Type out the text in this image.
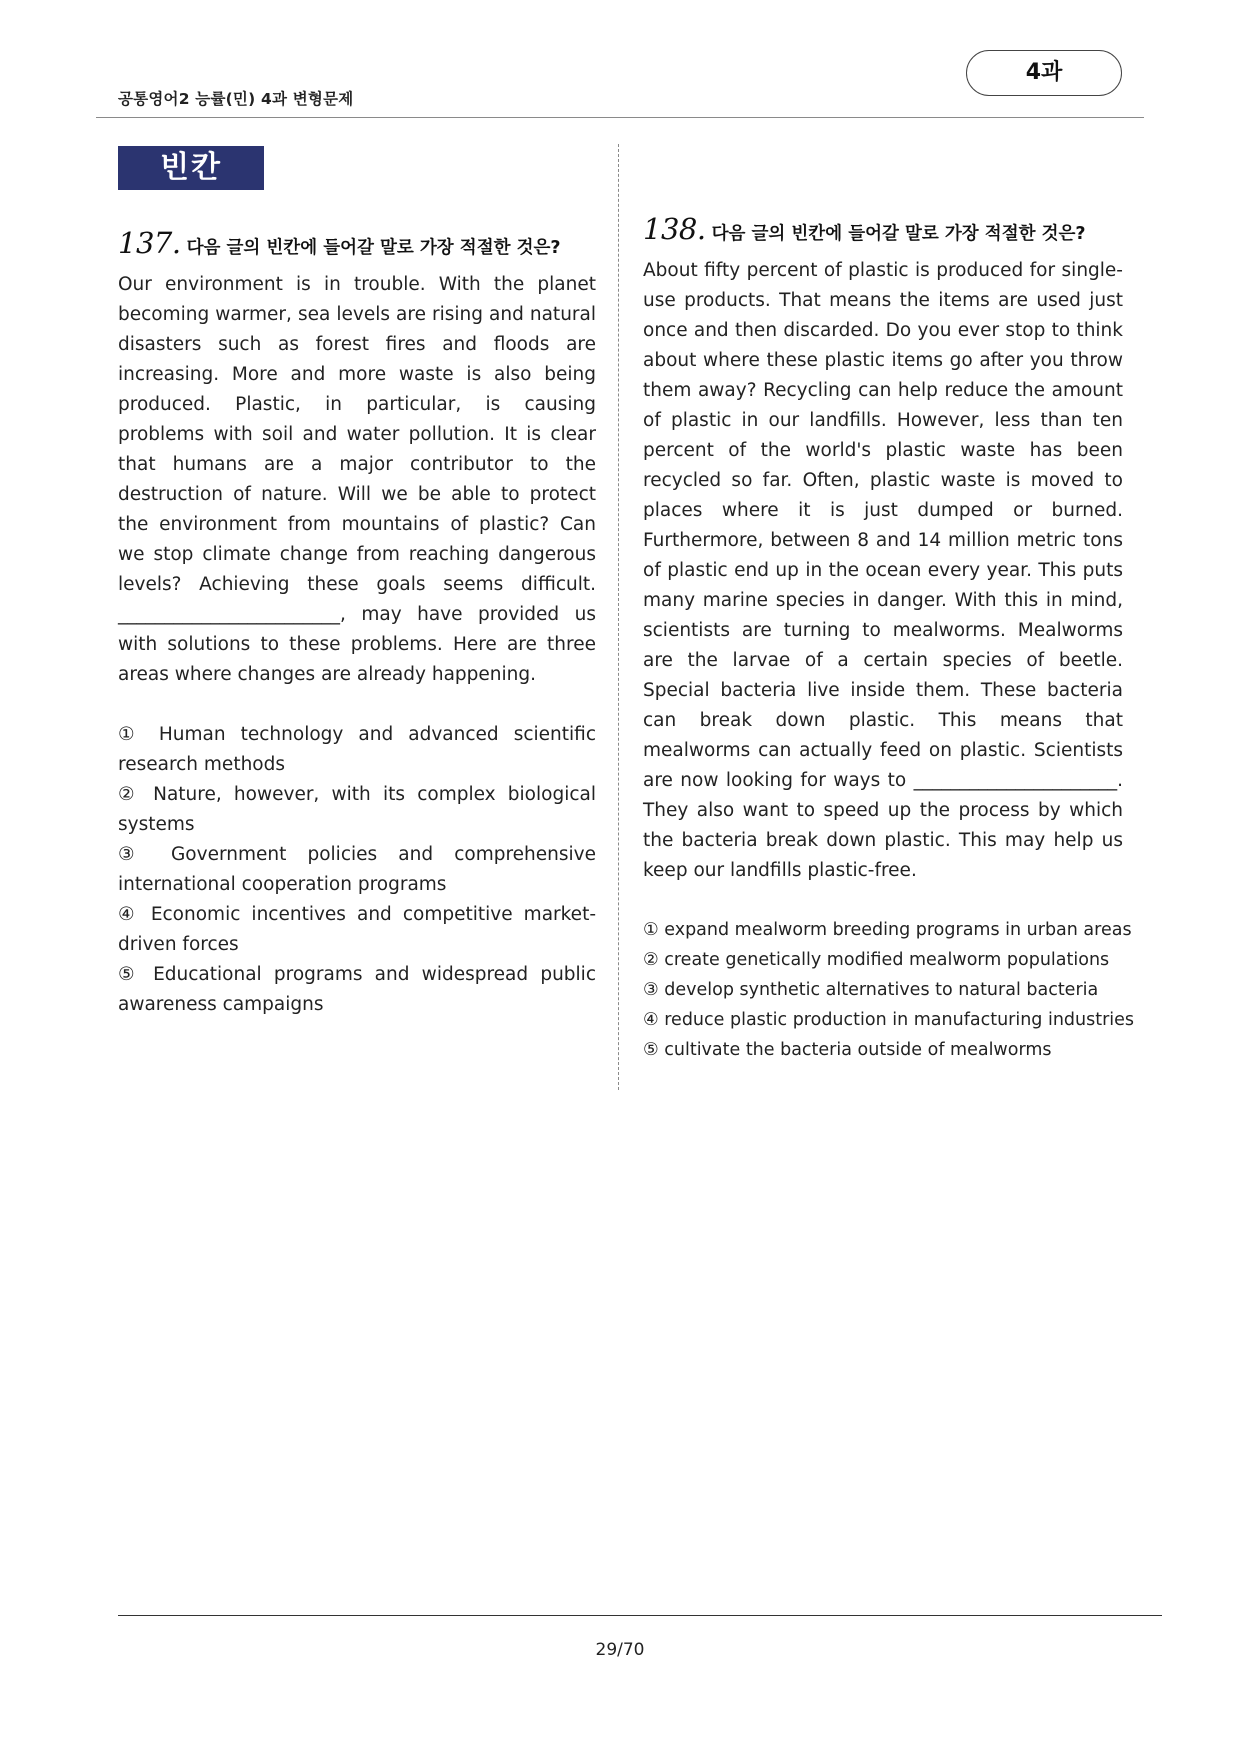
공통영어2 능률(민) 4과 변형문제
4과
빈칸
137. 다음 글의 빈칸에 들어갈 말로 가장 적절한 것은?
Our environment is in trouble. With the planet becoming warmer, sea levels are rising and natural disasters such as forest fires and floods are increasing. More and more waste is also being produced. Plastic, in particular, is causing problems with soil and water pollution. It is clear that humans are a major contributor to the destruction of nature. Will we be able to protect the environment from mountains of plastic? Can we stop climate change from reaching dangerous levels? Achieving these goals seems difficult. ________________________, may have provided us with solutions to these problems. Here are three areas where changes are already happening.
① Human technology and advanced scientific research methods
② Nature, however, with its complex biological systems
③ Government policies and comprehensive international cooperation programs
④ Economic incentives and competitive market-driven forces
⑤ Educational programs and widespread public awareness campaigns
138. 다음 글의 빈칸에 들어갈 말로 가장 적절한 것은?
About fifty percent of plastic is produced for single-use products. That means the items are used just once and then discarded. Do you ever stop to think about where these plastic items go after you throw them away? Recycling can help reduce the amount of plastic in our landfills. However, less than ten percent of the world's plastic waste has been recycled so far. Often, plastic waste is moved to places where it is just dumped or burned. Furthermore, between 8 and 14 million metric tons of plastic end up in the ocean every year. This puts many marine species in danger. With this in mind, scientists are turning to mealworms. Mealworms are the larvae of a certain species of beetle. Special bacteria live inside them. These bacteria can break down plastic. This means that mealworms can actually feed on plastic. Scientists are now looking for ways to ______________________. They also want to speed up the process by which the bacteria break down plastic. This may help us keep our landfills plastic-free.
① expand mealworm breeding programs in urban areas
② create genetically modified mealworm populations
③ develop synthetic alternatives to natural bacteria
④ reduce plastic production in manufacturing industries
⑤ cultivate the bacteria outside of mealworms
29/70
